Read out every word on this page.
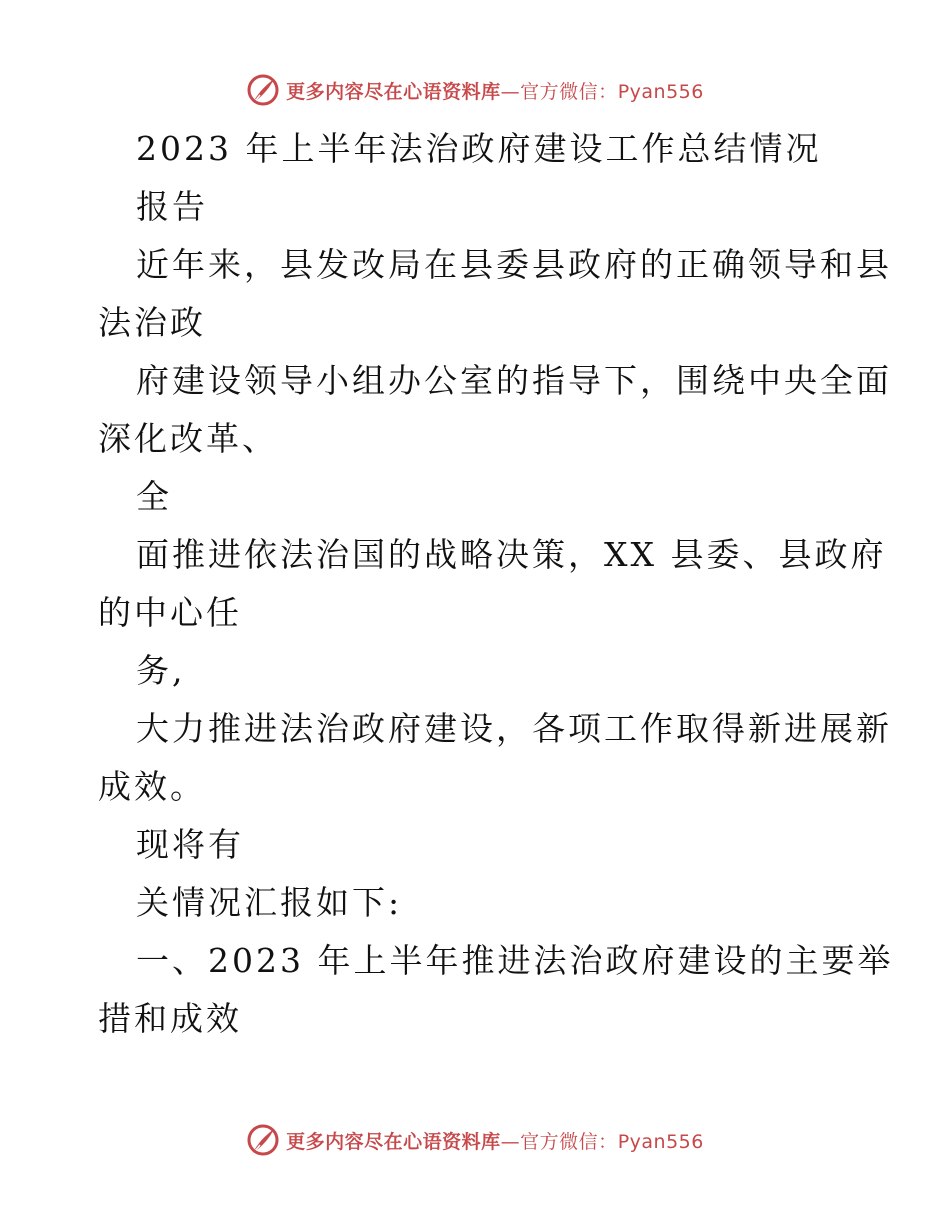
更多内容尽在心语资料库—官方微信：Pyan556
2023 年上半年法治政府建设工作总结情况
报告
近年来，县发改局在县委县政府的正确领导和县
法治政
府建设领导小组办公室的指导下，围绕中央全面
深化改革、
全
面推进依法治国的战略决策，XX 县委、县政府
的中心任
务,
大力推进法治政府建设，各项工作取得新进展新
成效。
现将有
关情况汇报如下:
一、2023 年上半年推进法治政府建设的主要举
措和成效
更多内容尽在心语资料库—官方微信：Pyan556
